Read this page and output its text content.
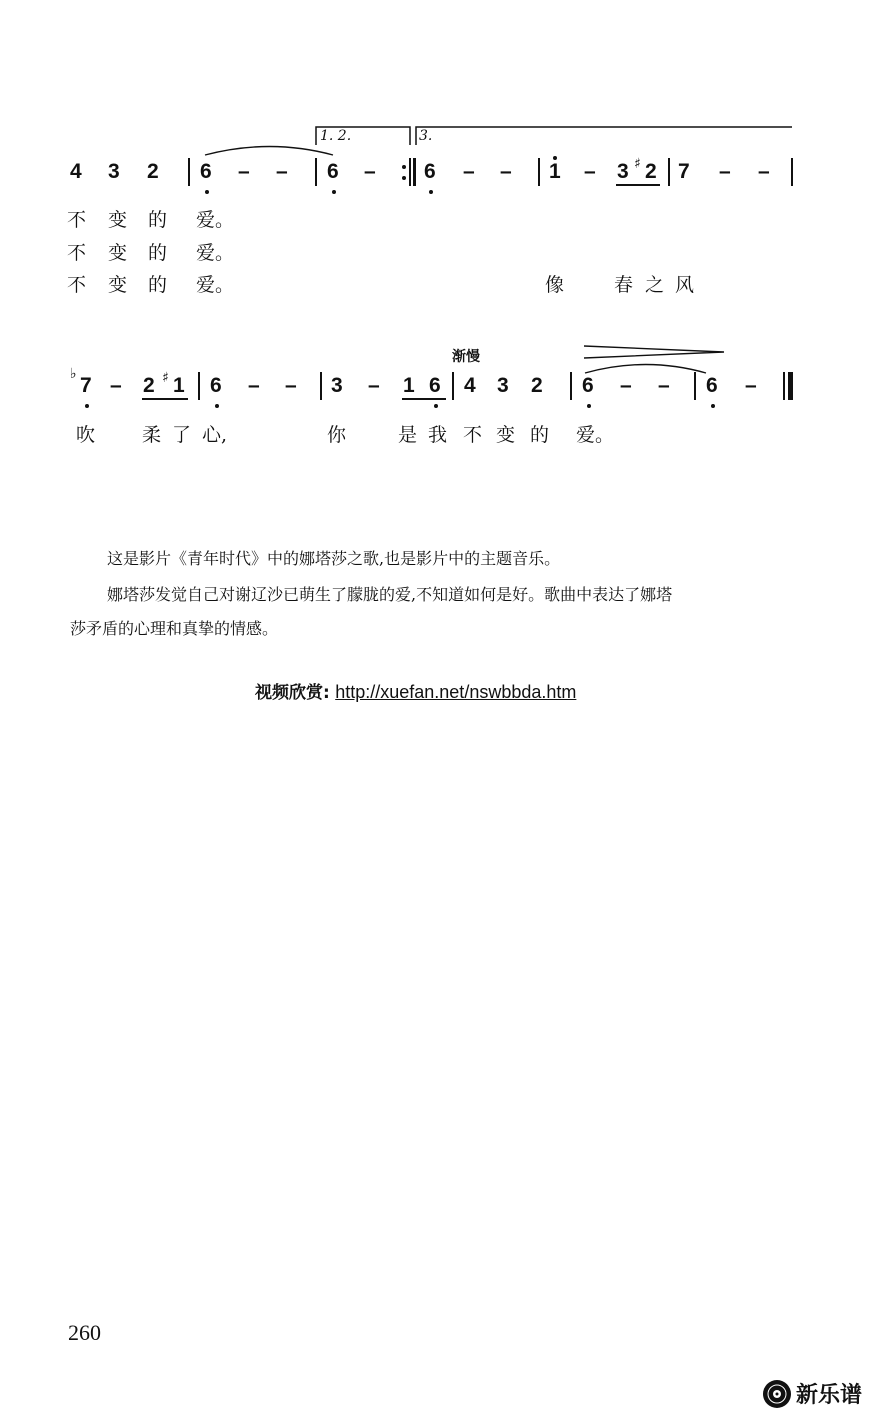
1. 2.	3.
4 3 2 6 – – 6 – 6 – – 1 – 3 ♯ 2 7 – –
不 变 的 爱。
不 变 的 爱。
不 变 的 爱。	像	春 之 风
渐慢
♭ 7 – 2 ♯ 1 6 – – 3 – 1 6 4 3 2 6 – – 6 –
吹 柔 了 心,	你	是 我 不 变 的 爱。
这是影片《青年时代》中的娜塔莎之歌,也是影片中的主题音乐。
娜塔莎发觉自己对谢辽沙已萌生了朦胧的爱,不知道如何是好。歌曲中表达了娜塔
莎矛盾的心理和真挚的情感。
视频欣赏: http://xuefan.net/nswbbda.htm
260
新乐谱
